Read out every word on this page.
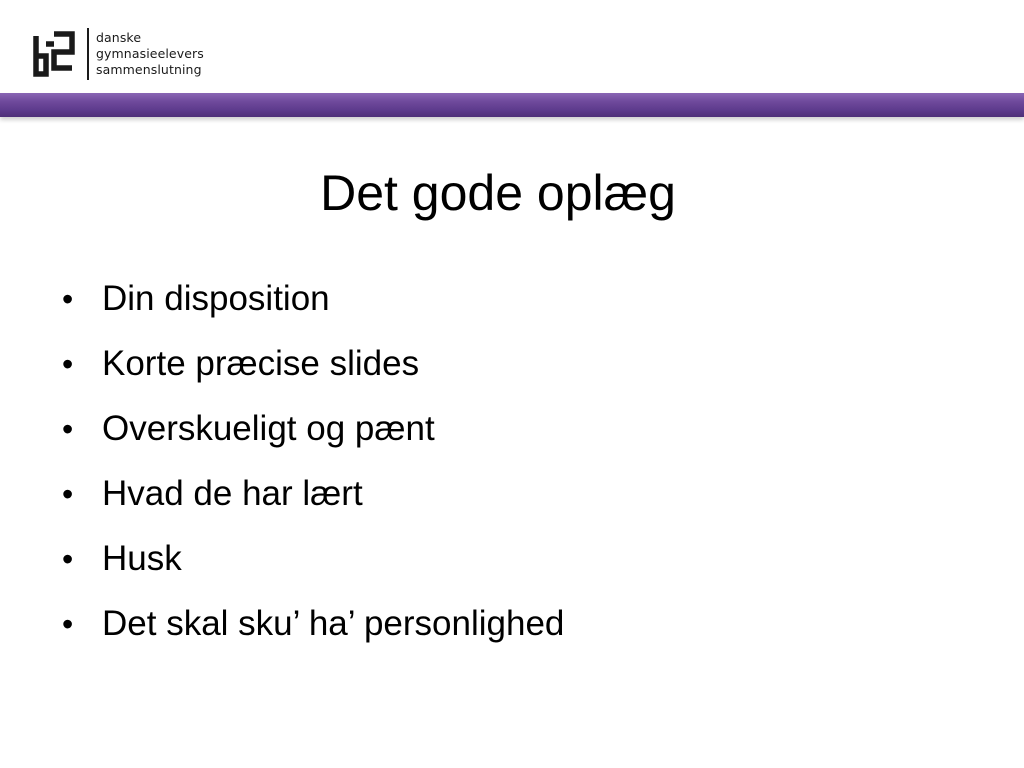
danske
gymnasieelevers
sammenslutning
Det gode oplæg
• Din disposition
• Korte præcise slides
• Overskueligt og pænt
• Hvad de har lært
• Husk
• Det skal sku’ ha’ personlighed
